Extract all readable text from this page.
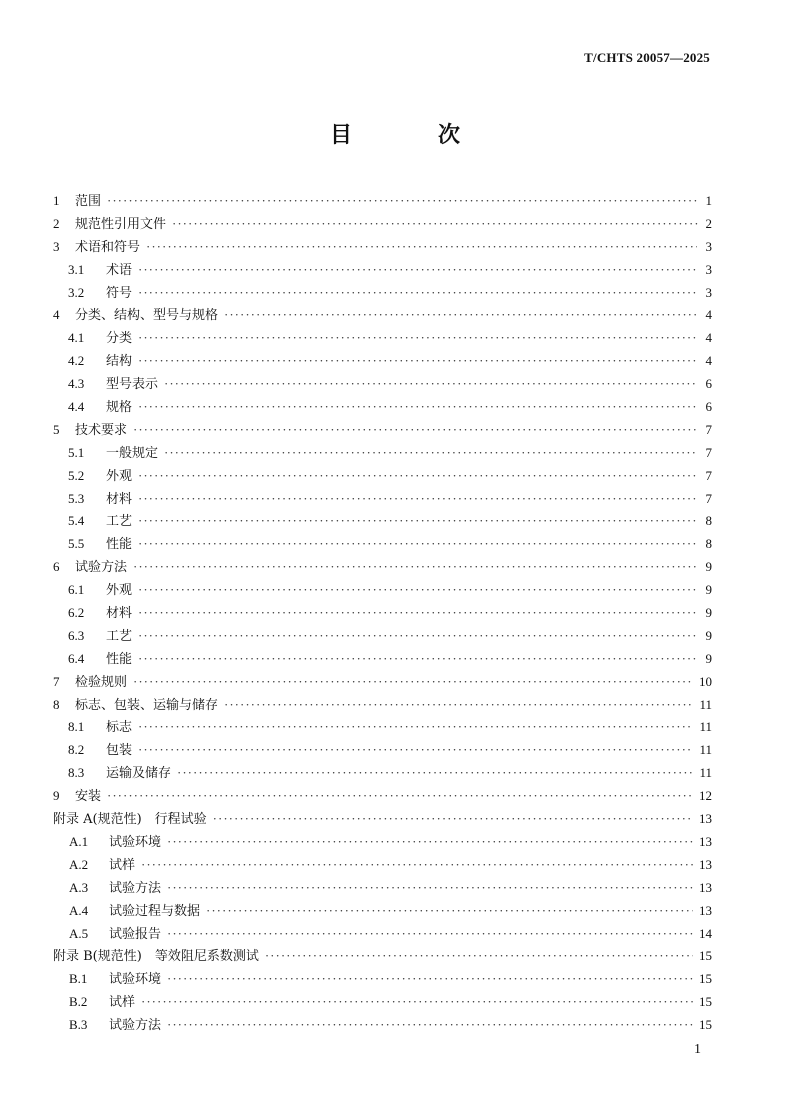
T/CHTS 20057—2025
目　次
1	范围 ·····	1
2	规范性引用文件 ·····	2
3	术语和符号 ·····	3
3.1	术语 ·····	3
3.2	符号 ·····	3
4	分类、结构、型号与规格 ·····	4
4.1	分类 ·····	4
4.2	结构 ·····	4
4.3	型号表示 ·····	6
4.4	规格 ·····	6
5	技术要求 ·····	7
5.1	一般规定 ·····	7
5.2	外观 ·····	7
5.3	材料 ·····	7
5.4	工艺 ·····	8
5.5	性能 ·····	8
6	试验方法 ·····	9
6.1	外观 ·····	9
6.2	材料 ·····	9
6.3	工艺 ·····	9
6.4	性能 ·····	9
7	检验规则 ·····	10
8	标志、包装、运输与储存 ·····	11
8.1	标志 ·····	11
8.2	包装 ·····	11
8.3	运输及储存 ·····	11
9	安装 ·····	12
附录 A(规范性)　行程试验 ·····	13
A.1	试验环境 ·····	13
A.2	试样 ·····	13
A.3	试验方法 ·····	13
A.4	试验过程与数据 ·····	13
A.5	试验报告 ·····	14
附录 B(规范性)　等效阻尼系数测试 ·····	15
B.1	试验环境 ·····	15
B.2	试样 ·····	15
B.3	试验方法 ·····	15
1
